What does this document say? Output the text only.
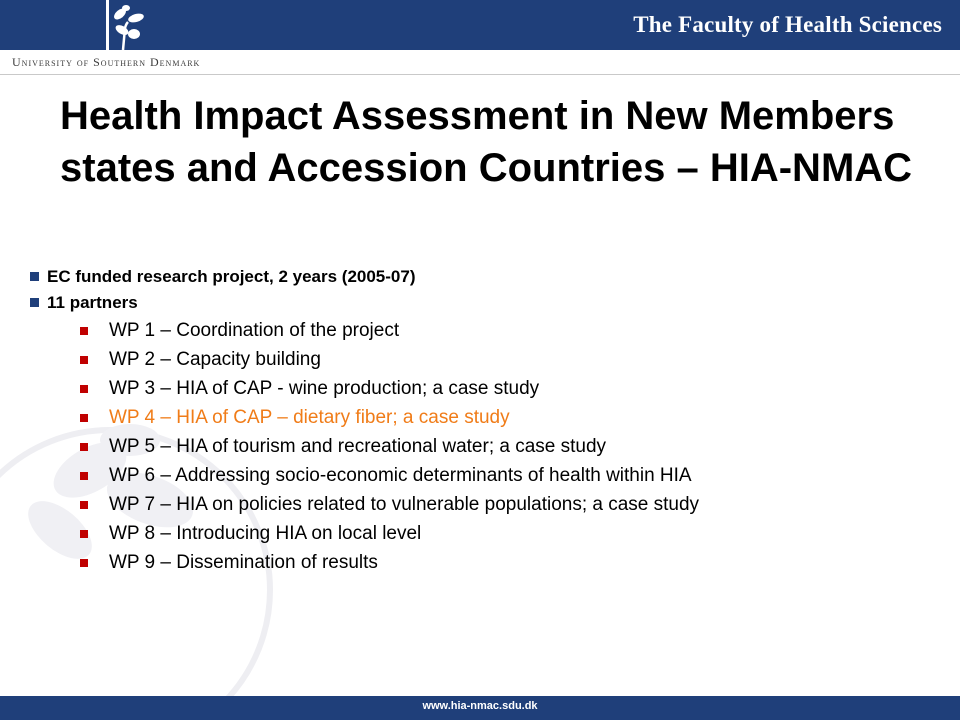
The Faculty of Health Sciences
University of Southern Denmark
Health Impact Assessment in New Members states and Accession Countries – HIA-NMAC
EC funded research project, 2 years (2005-07)
11 partners
WP 1 – Coordination of the project
WP 2 – Capacity building
WP 3 – HIA of CAP - wine production; a case study
WP 4 – HIA of CAP – dietary fiber; a case study
WP 5 – HIA of tourism and recreational water; a case study
WP 6 – Addressing socio-economic determinants of health within HIA
WP 7 – HIA on policies related to vulnerable populations; a case study
WP 8 – Introducing HIA on local level
WP 9 – Dissemination of results
www.hia-nmac.sdu.dk
